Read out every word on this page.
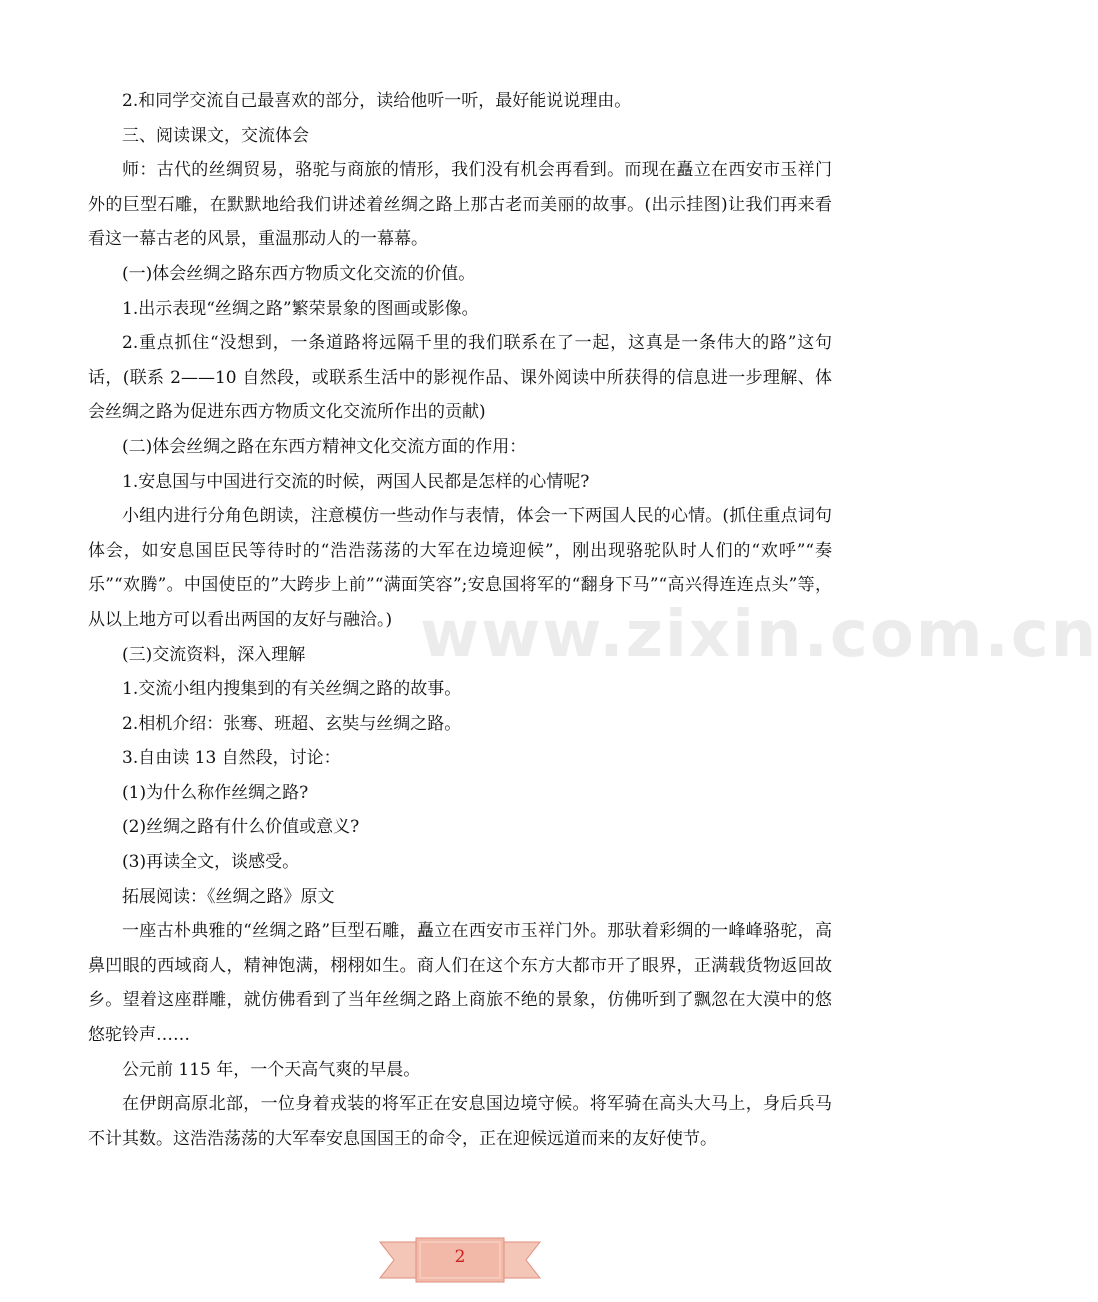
2.和同学交流自己最喜欢的部分，读给他听一听，最好能说说理由。

三、阅读课文，交流体会

师：古代的丝绸贸易，骆驼与商旅的情形，我们没有机会再看到。而现在矗立在西安市玉祥门外的巨型石雕，在默默地给我们讲述着丝绸之路上那古老而美丽的故事。(出示挂图)让我们再来看看这一幕古老的风景，重温那动人的一幕幕。

(一)体会丝绸之路东西方物质文化交流的价值。

1.出示表现“丝绸之路”繁荣景象的图画或影像。

2.重点抓住“没想到，一条道路将远隔千里的我们联系在了一起，这真是一条伟大的路”这句话，(联系 2——10 自然段，或联系生活中的影视作品、课外阅读中所获得的信息进一步理解、体会丝绸之路为促进东西方物质文化交流所作出的贡献)

(二)体会丝绸之路在东西方精神文化交流方面的作用：

1.安息国与中国进行交流的时候，两国人民都是怎样的心情呢?

小组内进行分角色朗读，注意模仿一些动作与表情，体会一下两国人民的心情。(抓住重点词句体会，如安息国臣民等待时的“浩浩荡荡的大军在边境迎候”，刚出现骆驼队时人们的“欢呼”“奏乐”“欢腾”。中国使臣的”大跨步上前”“满面笑容”;安息国将军的“翻身下马”“高兴得连连点头”等，从以上地方可以看出两国的友好与融洽。)

(三)交流资料，深入理解

1.交流小组内搜集到的有关丝绸之路的故事。

2.相机介绍：张骞、班超、玄奘与丝绸之路。

3.自由读 13 自然段，讨论：

(1)为什么称作丝绸之路?

(2)丝绸之路有什么价值或意义?

(3)再读全文，谈感受。

拓展阅读：《丝绸之路》原文

一座古朴典雅的“丝绸之路”巨型石雕，矗立在西安市玉祥门外。那驮着彩绸的一峰峰骆驼，高鼻凹眼的西域商人，精神饱满，栩栩如生。商人们在这个东方大都市开了眼界，正满载货物返回故乡。望着这座群雕，就仿佛看到了当年丝绸之路上商旅不绝的景象，仿佛听到了飘忽在大漠中的悠悠驼铃声……

公元前 115 年，一个天高气爽的早晨。

在伊朗高原北部，一位身着戎装的将军正在安息国边境守候。将军骑在高头大马上，身后兵马不计其数。这浩浩荡荡的大军奉安息国国王的命令，正在迎候远道而来的友好使节。

www.zixin.com.cn
2
